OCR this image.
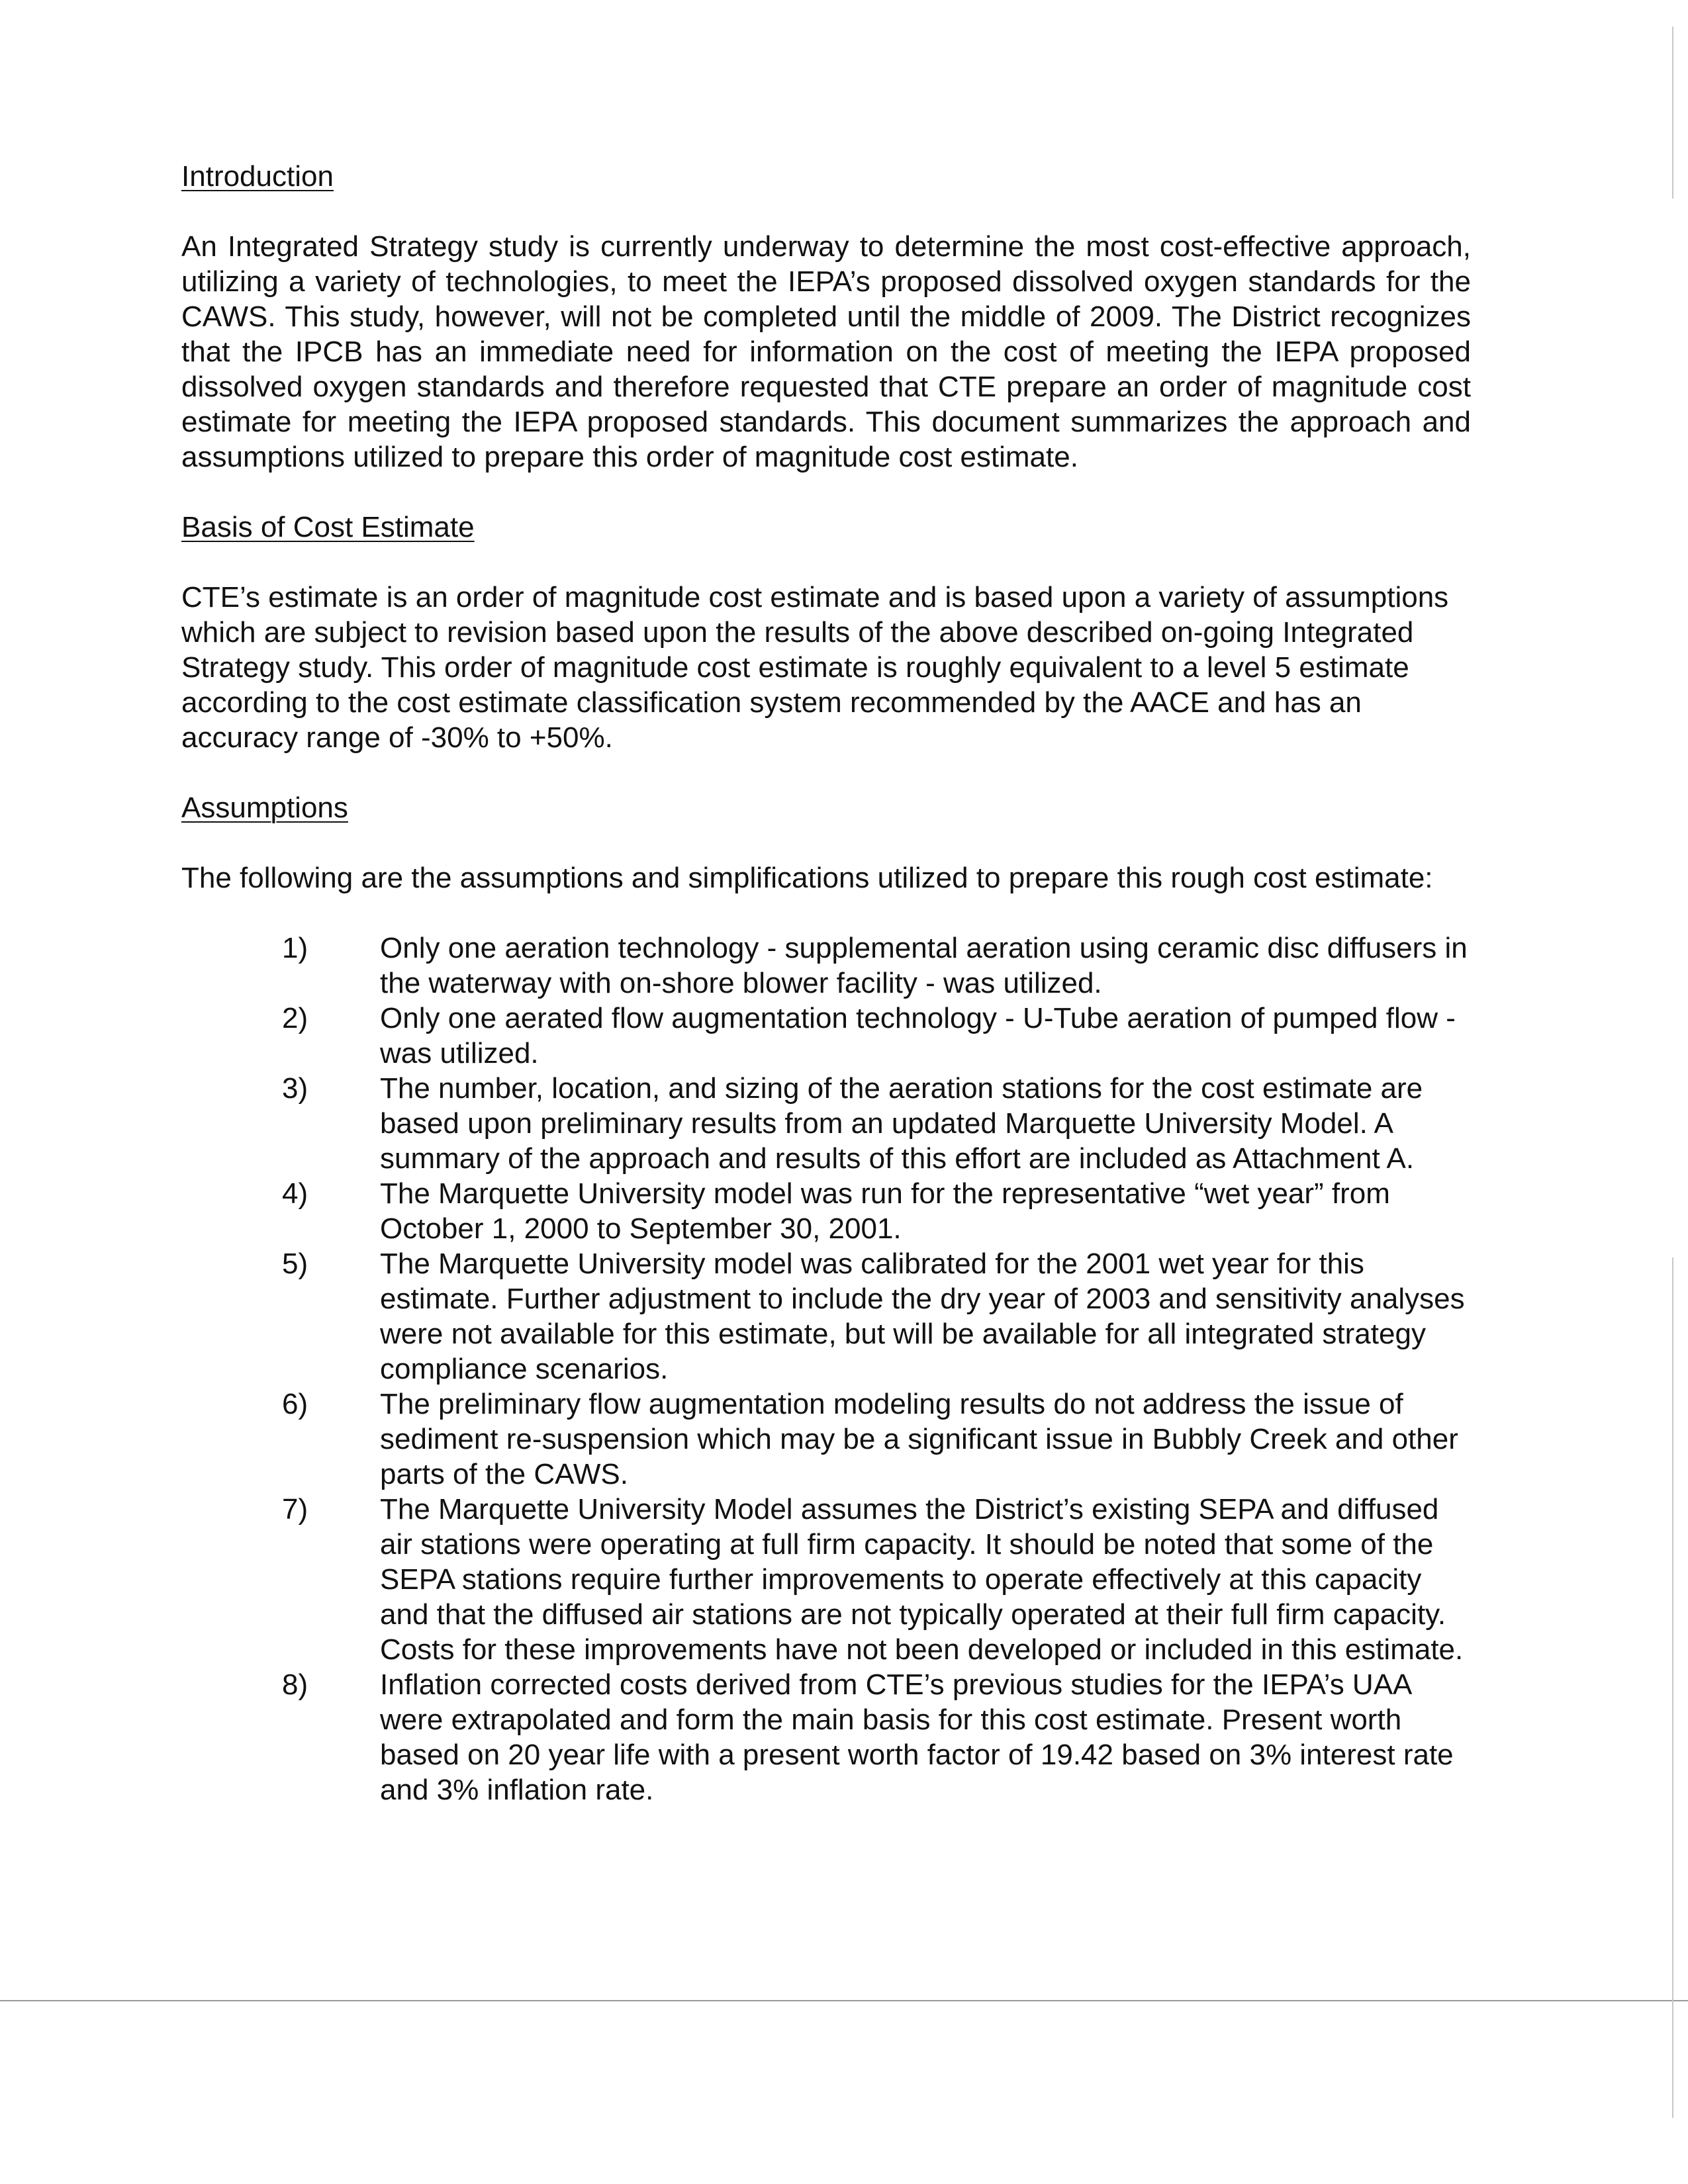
Introduction

An Integrated Strategy study is currently underway to determine the most cost-effective approach, utilizing a variety of technologies, to meet the IEPA’s proposed dissolved oxygen standards for the CAWS. This study, however, will not be completed until the middle of 2009. The District recognizes that the IPCB has an immediate need for information on the cost of meeting the IEPA proposed dissolved oxygen standards and therefore requested that CTE prepare an order of magnitude cost estimate for meeting the IEPA proposed standards. This document summarizes the approach and assumptions utilized to prepare this order of magnitude cost estimate.

Basis of Cost Estimate

CTE’s estimate is an order of magnitude cost estimate and is based upon a variety of assumptions which are subject to revision based upon the results of the above described on-going Integrated Strategy study. This order of magnitude cost estimate is roughly equivalent to a level 5 estimate according to the cost estimate classification system recommended by the AACE and has an accuracy range of -30% to +50%.

Assumptions

The following are the assumptions and simplifications utilized to prepare this rough cost estimate:

1)	Only one aeration technology - supplemental aeration using ceramic disc diffusers in the waterway with on-shore blower facility - was utilized.
2)	Only one aerated flow augmentation technology - U-Tube aeration of pumped flow - was utilized.
3)	The number, location, and sizing of the aeration stations for the cost estimate are based upon preliminary results from an updated Marquette University Model. A summary of the approach and results of this effort are included as Attachment A.
4)	The Marquette University model was run for the representative “wet year” from October 1, 2000 to September 30, 2001.
5)	The Marquette University model was calibrated for the 2001 wet year for this estimate. Further adjustment to include the dry year of 2003 and sensitivity analyses were not available for this estimate, but will be available for all integrated strategy compliance scenarios.
6)	The preliminary flow augmentation modeling results do not address the issue of sediment re-suspension which may be a significant issue in Bubbly Creek and other parts of the CAWS.
7)	The Marquette University Model assumes the District’s existing SEPA and diffused air stations were operating at full firm capacity. It should be noted that some of the SEPA stations require further improvements to operate effectively at this capacity and that the diffused air stations are not typically operated at their full firm capacity. Costs for these improvements have not been developed or included in this estimate.
8)	Inflation corrected costs derived from CTE’s previous studies for the IEPA’s UAA were extrapolated and form the main basis for this cost estimate. Present worth based on 20 year life with a present worth factor of 19.42 based on 3% interest rate and 3% inflation rate.
